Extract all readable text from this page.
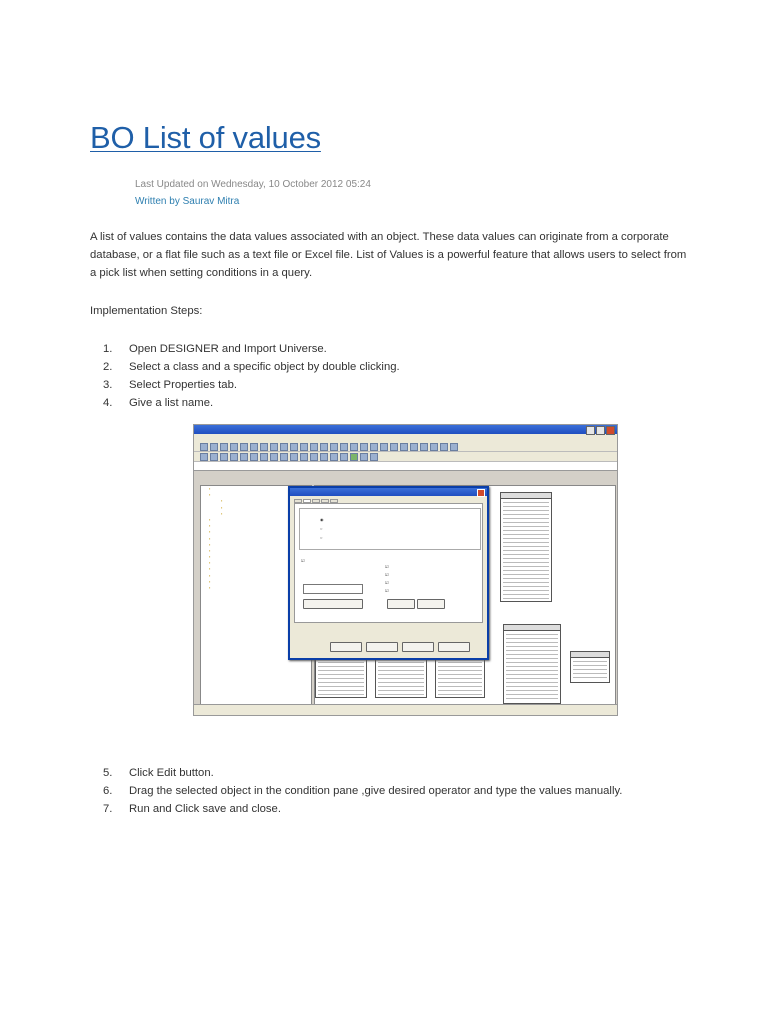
BO List of values
Last Updated on Wednesday, 10 October 2012 05:24
Written by Saurav Mitra

A list of values contains the data values associated with an object. These data values can originate from a corporate database, or a flat file such as a text file or Excel file. List of Values is a powerful feature that allows users to select from a pick list when setting conditions in a query.

Implementation Steps:

1. Open DESIGNER and Import Universe.
2. Select a class and a specific object by double clicking.
3. Select Properties tab.
4. Give a list name.
▪
▪
▪
▪
▪
▪
▪
▪
▪
▪
▪
▪
▪
▪
▪
▪
▪
◉
○
○
☑
☑
☑
☑
☑
5. Click Edit button.
6. Drag the selected object in the condition pane ,give desired operator and type the values manually.
7. Run and Click save and close.
